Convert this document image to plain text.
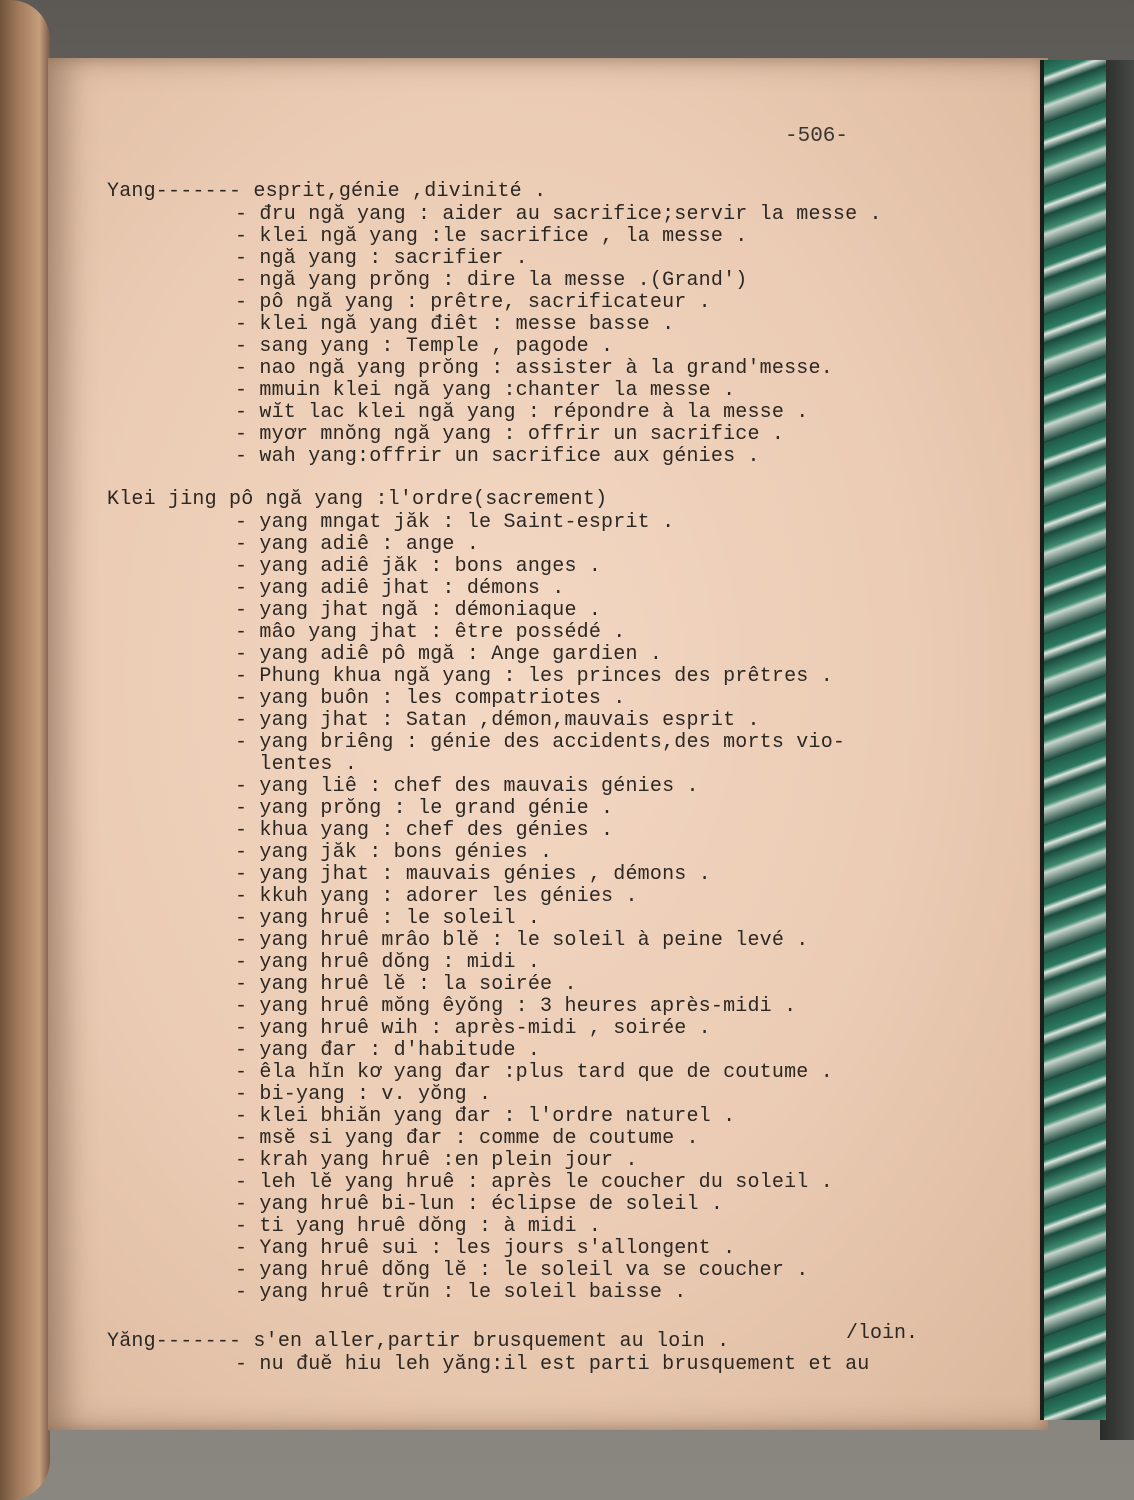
-506-
Yang------- esprit,génie ,divinité .
- đru ngă yang : aider au sacrifice;servir la messe .
- klei ngă yang :le sacrifice , la messe .
- ngă yang : sacrifier .
- ngă yang prŏng : dire la messe .(Grand')
- pô ngă yang : prêtre, sacrificateur .
- klei ngă yang điêt : messe basse .
- sang yang : Temple , pagode .
- nao ngă yang prŏng : assister à la grand'messe.
- mmuin klei ngă yang :chanter la messe .
- wĭt lac klei ngă yang : répondre à la messe .
- myơr mnŏng ngă yang : offrir un sacrifice .
- wah yang:offrir un sacrifice aux génies .
Klei jing pô ngă yang :l'ordre(sacrement)
- yang mngat jăk : le Saint-esprit .
- yang adiê : ange .
- yang adiê jăk : bons anges .
- yang adiê jhat : démons .
- yang jhat ngă : démoniaque .
- mâo yang jhat : être possédé .
- yang adiê pô mgă : Ange gardien .
- Phung khua ngă yang : les princes des prêtres .
- yang buôn : les compatriotes .
- yang jhat : Satan ,démon,mauvais esprit .
- yang briêng : génie des accidents,des morts vio-
lentes .
- yang liê : chef des mauvais génies .
- yang prŏng : le grand génie .
- khua yang : chef des génies .
- yang jăk : bons génies .
- yang jhat : mauvais génies , démons .
- kkuh yang : adorer les génies .
- yang hruê : le soleil .
- yang hruê mrâo blĕ : le soleil à peine levé .
- yang hruê dŏng : midi .
- yang hruê lĕ : la soirée .
- yang hruê mŏng êyŏng : 3 heures après-midi .
- yang hruê wih : après-midi , soirée .
- yang đar : d'habitude .
- êla hĭn kơ yang đar :plus tard que de coutume .
- bi-yang : v. yŏng .
- klei bhiăn yang đar : l'ordre naturel .
- msĕ si yang đar : comme de coutume .
- krah yang hruê :en plein jour .
- leh lĕ yang hruê : après le coucher du soleil .
- yang hruê bi-lun : éclipse de soleil .
- ti yang hruê dŏng : à midi .
- Yang hruê sui : les jours s'allongent .
- yang hruê dŏng lĕ : le soleil va se coucher .
- yang hruê trŭn : le soleil baisse .
Yăng------- s'en aller,partir brusquement au loin .	/loin.
- nu đuĕ hiu leh yăng:il est parti brusquement et au
